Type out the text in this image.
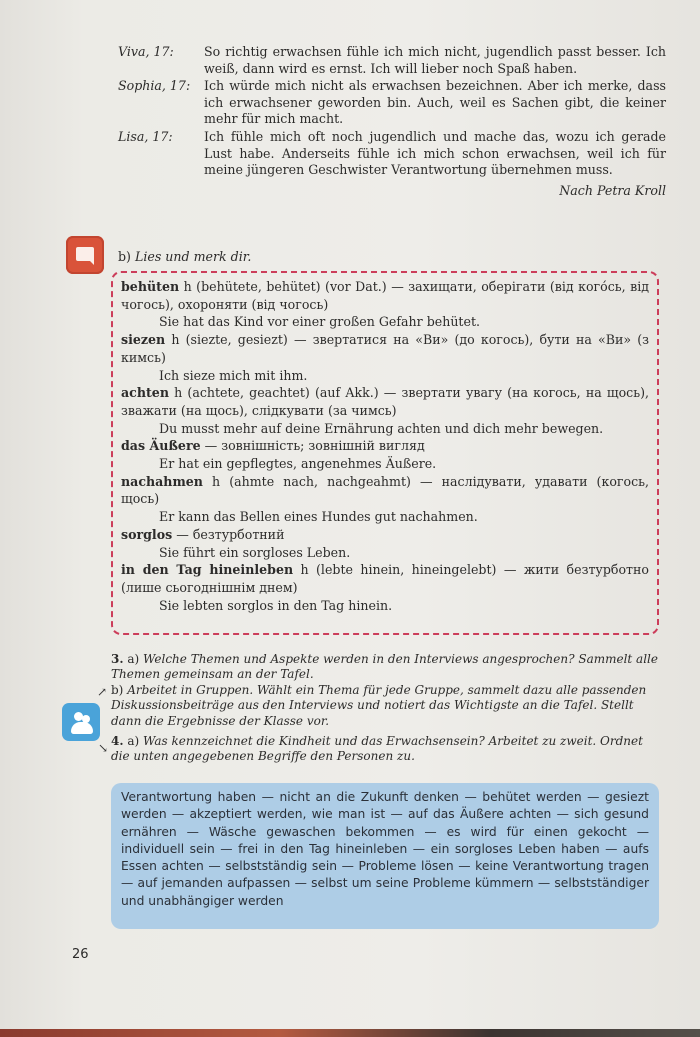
Viva, 17:	So richtig erwachsen fühle ich mich nicht, jugendlich passt besser. Ich weiß, dann wird es ernst. Ich will lieber noch Spaß haben.
Sophia, 17:	Ich würde mich nicht als erwachsen bezeichnen. Aber ich merke, dass ich erwachsener geworden bin. Auch, weil es Sachen gibt, die keiner mehr für mich macht.
Lisa, 17:	Ich fühle mich oft noch jugendlich und mache das, wozu ich gerade Lust habe. Anderseits fühle ich mich schon erwachsen, weil ich für meine jüngeren Geschwister Verantwortung übernehmen muss.
Nach Petra Kroll
b) Lies und merk dir.
behüten h (behütete, behütet) (vor Dat.) — захищати, оберігати (від кого́сь, від чогось), охороняти (від чогось)
Sie hat das Kind vor einer großen Gefahr behütet.
siezen h (siezte, gesiezt) — звертатися на «Ви» (до когось), бути на «Ви» (з кимсь)
Ich sieze mich mit ihm.
achten h (achtete, geachtet) (auf Akk.) — звертати увагу (на когось, на щось), зважати (на щось), слідкувати (за чимсь)
Du musst mehr auf deine Ernährung achten und dich mehr bewegen.
das Äußere — зовнішність; зовнішній вигляд
Er hat ein gepflegtes, angenehmes Äußere.
nachahmen h (ahmte nach, nachgeahmt) — наслідувати, удавати (когось, щось)
Er kann das Bellen eines Hundes gut nachahmen.
sorglos — безтурботний
Sie führt ein sorgloses Leben.
in den Tag hineinleben h (lebte hinein, hineingelebt) — жити безтурботно (лише сьогоднішнім днем)
Sie lebten sorglos in den Tag hinein.
↗
↘

3. a) Welche Themen und Aspekte werden in den Interviews angesprochen? Sammelt alle Themen gemeinsam an der Tafel.

b) Arbeitet in Gruppen. Wählt ein Thema für jede Gruppe, sammelt dazu alle passenden Diskussionsbeiträge aus den Interviews und notiert das Wichtigste an die Tafel. Stellt dann die Ergebnisse der Klasse vor.

4. a) Was kennzeichnet die Kindheit und das Erwachsensein? Arbeitet zu zweit. Ordnet die unten angegebenen Begriffe den Personen zu.

Verantwortung haben — nicht an die Zukunft denken — behütet werden — gesiezt werden — akzeptiert werden, wie man ist — auf das Äußere achten — sich gesund ernähren — Wäsche gewaschen bekommen — es wird für einen gekocht — individuell sein — frei in den Tag hineinleben — ein sorgloses Leben haben — aufs Essen achten — selbstständig sein — Probleme lösen — keine Verantwortung tragen — auf jemanden aufpassen — selbst um seine Probleme kümmern — selbstständiger und unabhängiger werden
26
